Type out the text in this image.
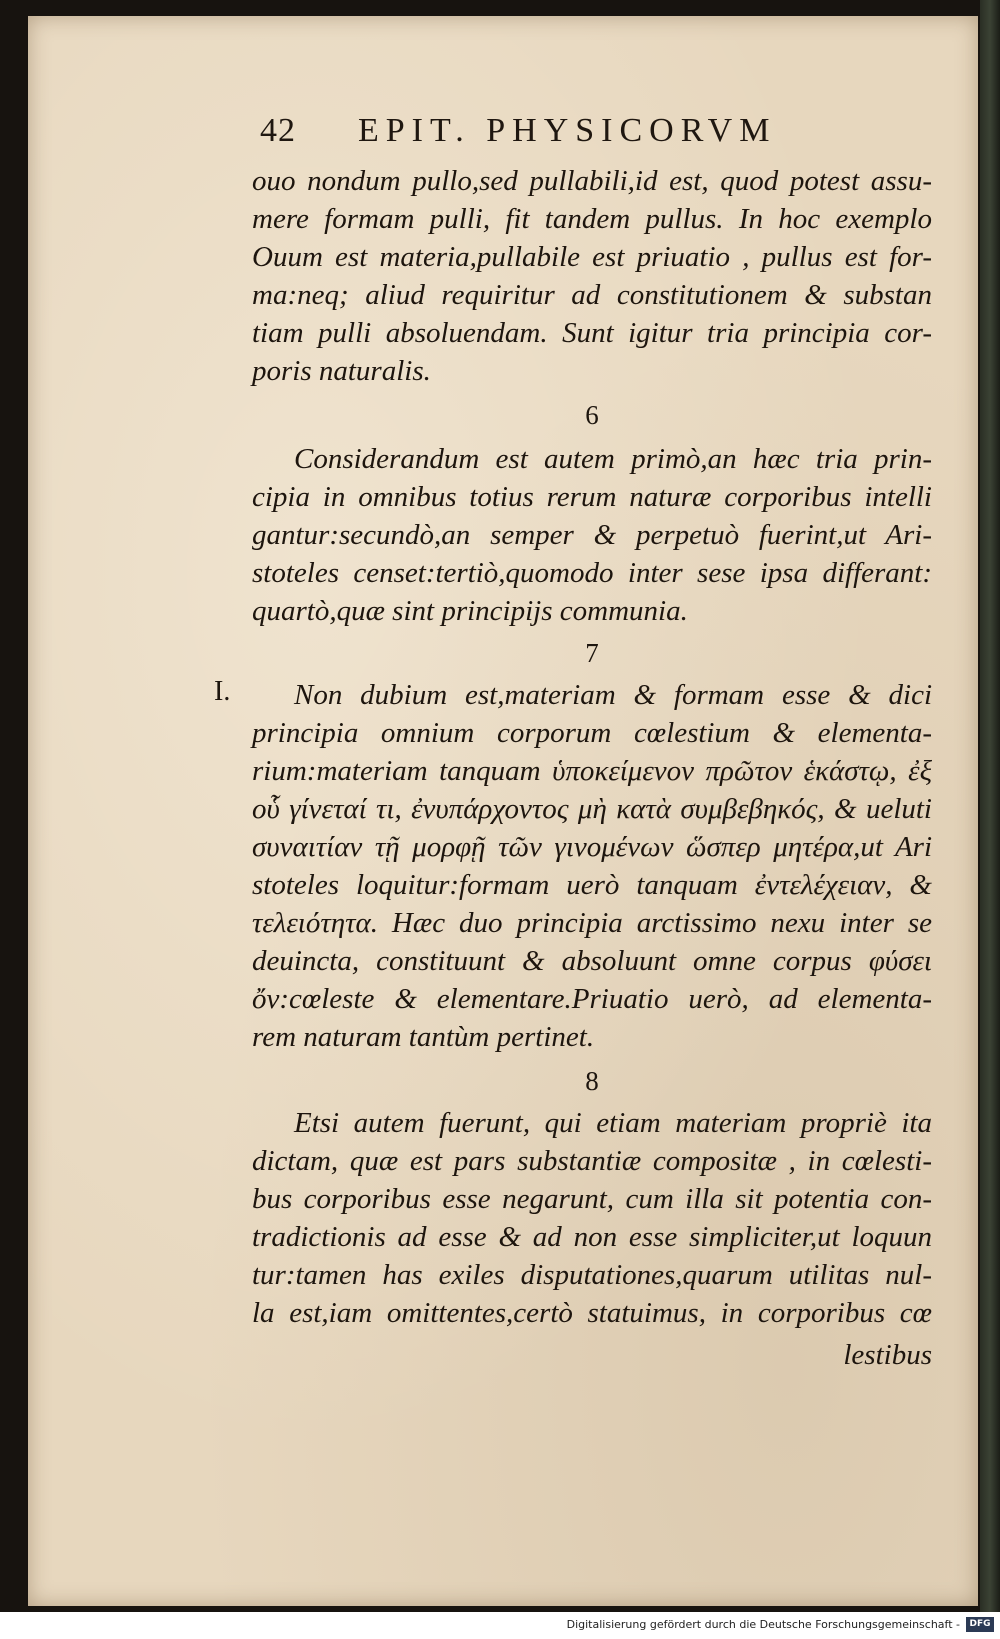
42 EPIT. PHYSICORVM
ouo nondum pullo,sed pullabili,id est, quod potest assu-
mere formam pulli, fit tandem pullus. In hoc exemplo
Ouum est materia,pullabile est priuatio , pullus est for-
ma:neq; aliud requiritur ad constitutionem & substan
tiam pulli absoluendam. Sunt igitur tria principia cor-
poris naturalis.
6
Considerandum est autem primò,an hæc tria prin-
cipia in omnibus totius rerum naturæ corporibus intelli
gantur:secundò,an semper & perpetuò fuerint,ut Ari-
stoteles censet:tertiò,quomodo inter sese ipsa differant:
quartò,quæ sint principijs communia.
7
Non dubium est,materiam & formam esse & dici
principia omnium corporum cœlestium & elementa-
rium:materiam tanquam ὑποκείμενον πρῶτον ἑκάστῳ, ἐξ
οὗ γίνεταί τι, ἐνυπάρχοντος μὴ κατὰ συμβεβηκός, & ueluti
συναιτίαν τῇ μορφῇ τῶν γινομένων ὥσπερ μητέρα,ut Ari
stoteles loquitur:formam uerò tanquam ἐντελέχειαν, &
τελειότητα. Hæc duo principia arctissimo nexu inter se
deuincta, constituunt & absoluunt omne corpus φύσει
ὄν:cœleste & elementare.Priuatio uerò, ad elementa-
rem naturam tantùm pertinet.
8
Etsi autem fuerunt, qui etiam materiam propriè ita
dictam, quæ est pars substantiæ compositæ , in cœlesti-
bus corporibus esse negarunt, cum illa sit potentia con-
tradictionis ad esse & ad non esse simpliciter,ut loquun
tur:tamen has exiles disputationes,quarum utilitas nul-
la est,iam omittentes,certò statuimus, in corporibus cœ
lestibus
I.
Digitalisierung gefördert durch die Deutsche Forschungsgemeinschaft -	DFG
